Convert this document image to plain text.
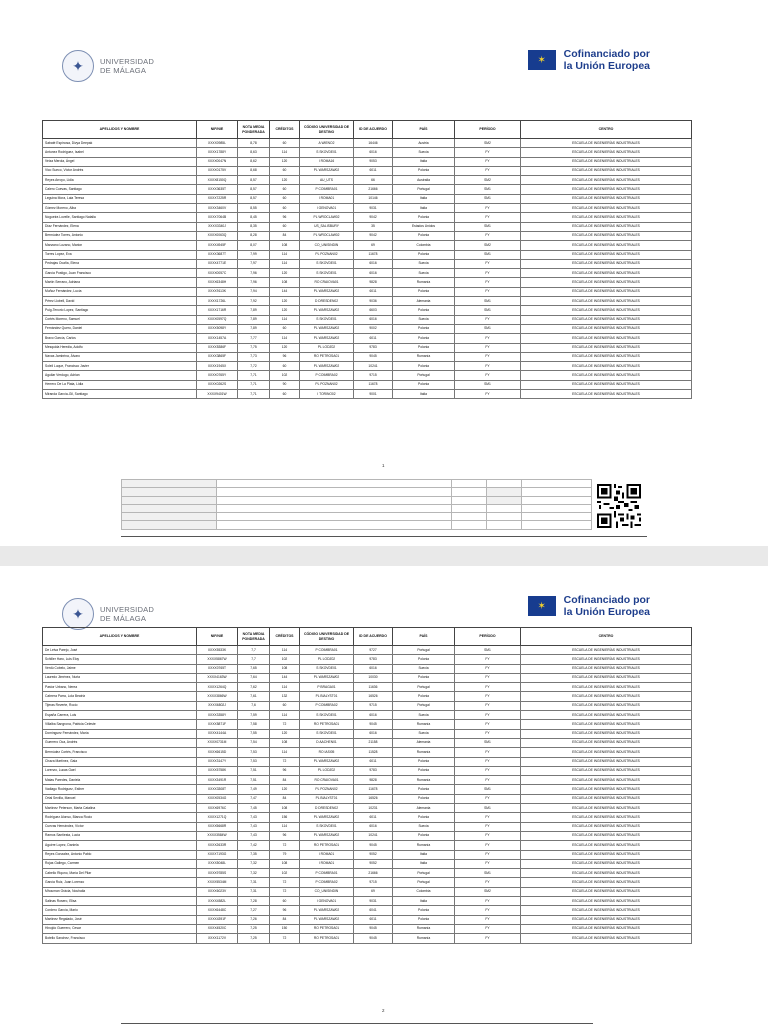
✦	UNIVERSIDAD
DE MÁLAGA
✶	Cofinanciado por
la Unión Europea
APELLIDOS Y NOMBRE	NIF/NIE	NOTA MEDIA PONDERADA	CRÉDITOS	CÓDIGO UNIVERSIDAD DE DESTINO	ID DE ACUERDO	PAÍS	PERÍODO	CENTRO
Sabaté Espinosa, Divya Deepak	XXXX0985L	8,78	60	A WIENO2	16446	Austria	SM2	ESCUELA DE INGENIERÍAS INDUSTRIALES
Antunez Rodriguez, Isabel	XXXX1788Y	8,63	114	S SKOVDE01	6016	Suecia	FY	ESCUELA DE INGENIERÍAS INDUSTRIALES
Veiza Merola, Ángel	XXXX0047N	8,62	120	I ROMA16	9053	Italia	FY	ESCUELA DE INGENIERÍAS INDUSTRIALES
Vico Sueco, Víctor Andrés	XXXX0175V	8,68	60	PL WARSZAW02	6011	Polonia	FY	ESCUELA DE INGENIERÍAS INDUSTRIALES
Reyes Arroyo, Lidia	XXXX8150Q	8,57	120	AU_UTS	66	Australia	SM2	ESCUELA DE INGENIERÍAS INDUSTRIALES
Calero Cuevas, Santiago	XXXX3635T	8,57	60	P COIMBRA01	21666	Portugal	SM1	ESCUELA DE INGENIERÍAS INDUSTRIALES
Leguina Mora, Laia Teresa	XXXX7225R	8,57	60	I ROMA01	10146	Italia	SM1	ESCUELA DE INGENIERÍAS INDUSTRIALES
Gómez Moreno, Alba	XXXX3460V	8,55	60	I GENOVA01	9031	Italia	FY	ESCUELA DE INGENIERÍAS INDUSTRIALES
Nogueira Lovelle, Santiago Natalia	XXXX7064B	8,45	96	PL WROCLAW02	9042	Polonia	FY	ESCUELA DE INGENIERÍAS INDUSTRIALES
Díaz Fernández, Elena	XXXX3340J	8,35	60	US_SALISBURY	35	Estados Unidos	SM1	ESCUELA DE INGENIERÍAS INDUSTRIALES
Bermúdez Torres, Antonio	XXXX0063Q	8,28	84	PL WROCLAW02	9042	Polonia	FY	ESCUELA DE INGENIERÍAS INDUSTRIALES
Manzano Lozano, Marion	XXXX4945F	8,07	108	CO_UNISINDIN	69	Colombia	SM2	ESCUELA DE INGENIERÍAS INDUSTRIALES
Torres Lopez, Eva	XXXX3687T	7,99	114	PL POZNAN02	11678	Polonia	SM1	ESCUELA DE INGENIERÍAS INDUSTRIALES
Pedrajas Ocaña, Elena	XXXX4771E	7,97	114	S SKOVDE01	6016	Suecia	FY	ESCUELA DE INGENIERÍAS INDUSTRIALES
García Postigo, Juan Francisco	XXXX0057C	7,96	120	S SKOVDE01	6016	Suecia	FY	ESCUELA DE INGENIERÍAS INDUSTRIALES
Martín Serrano, Adriana	XXXX6348H	7,96	108	RO CRAIOVA01	9828	Rumanía	FY	ESCUELA DE INGENIERÍAS INDUSTRIALES
Muñoz Fernández, Lucía	XXXX9113K	7,94	144	PL WARSZAW02	6011	Polonia	FY	ESCUELA DE INGENIERÍAS INDUSTRIALES
Pérez Llobell, David	XXXX1726L	7,92	120	D DRESDEN02	9036	Alemania	SM1	ESCUELA DE INGENIERÍAS INDUSTRIALES
Puig-Tenorio Lopez, Santiago	XXXX1716R	7,89	120	PL WARSZAW02	6603	Polonia	SM1	ESCUELA DE INGENIERÍAS INDUSTRIALES
Cortés Moreno, Samuel	XXXX0597Q	7,89	114	S SKOVDE01	6016	Suecia	FY	ESCUELA DE INGENIERÍAS INDUSTRIALES
Fernández Quero, Daniel	XXXX5098Y	7,89	60	PL WARSZAW02	9002	Polonia	SM1	ESCUELA DE INGENIERÍAS INDUSTRIALES
Bravo García, Carlos	XXXX1457A	7,77	114	PL WARSZAW02	6011	Polonia	FY	ESCUELA DE INGENIERÍAS INDUSTRIALES
Mesquida Heredia, Adolfo	XXXX5386F	7,75	120	PL LODZ02	9783	Polonia	FY	ESCUELA DE INGENIERÍAS INDUSTRIALES
Navas Jambrina, Álvaro	XXXX3865F	7,73	96	RO PETROSA01	9045	Rumanía	FY	ESCUELA DE INGENIERÍAS INDUSTRIALES
Soleil Luque, Francisco Javier	XXXX1945X	7,72	60	PL WARSZAW02	10241	Polonia	FY	ESCUELA DE INGENIERÍAS INDUSTRIALES
Aguilar Verdugo, Adrian	XXXX0765Y	7,71	102	P COIMBRA02	9715	Portugal	FY	ESCUELA DE INGENIERÍAS INDUSTRIALES
Herrero De La Plata, Lidia	XXXX0262S	7,71	90	PL POZNAN02	11678	Polonia	SM1	ESCUELA DE INGENIERÍAS INDUSTRIALES
Miranda García-Gil, Santiago	XXXX9401W	7,71	60	I TORINO02	9001	Italia	FY	ESCUELA DE INGENIERÍAS INDUSTRIALES
1

✦	UNIVERSIDAD
DE MÁLAGA
✶	Cofinanciado por
la Unión Europea
APELLIDOS Y NOMBRE	NIF/NIE	NOTA MEDIA PONDERADA	CRÉDITOS	CÓDIGO UNIVERSIDAD DE DESTINO	ID DE ACUERDO	PAÍS	PERÍODO	CENTRO
De Leiva Parejo, José	XXXX5533K	7,7	114	P COIMBRA01	9727	Portugal	SM1	ESCUELA DE INGENIERÍAS INDUSTRIALES
Schiller Haro, Luis Eloy	XXXX5867W	7,7	102	PL LODZ02	9783	Polonia	FY	ESCUELA DE INGENIERÍAS INDUSTRIALES
Verdú Cobelo, Jaime	XXXX0765T	7,65	108	S SKOVDE01	6016	Suecia	FY	ESCUELA DE INGENIERÍAS INDUSTRIALES
Lauredo Jiménez, Nuria	XXXX4163W	7,64	144	PL WARSZAW02	10030	Polonia	FY	ESCUELA DE INGENIERÍAS INDUSTRIALES
Pastor Urbano, Nerea	XXXX1264Q	7,62	114	P BRAGA01	11636	Portugal	FY	ESCUELA DE INGENIERÍAS INDUSTRIALES
Cabrera Parra, Lola Beatriz	XXXX3866W	7,61	132	PL BIALYST01	16526	Polonia	FY	ESCUELA DE INGENIERÍAS INDUSTRIALES
Tijeras Reverte, Rocio	XXXX6802J	7,6	60	P COIMBRA02	9715	Portugal	FY	ESCUELA DE INGENIERÍAS INDUSTRIALES
España Carrera, Luis	XXXX3358Y	7,59	114	S SKOVDE01	6016	Suecia	FY	ESCUELA DE INGENIERÍAS INDUSTRIALES
Villalba Sangrona, Patricia Celeste	XXXX5871F	7,58	72	RO PETROSA01	9045	Rumanía	FY	ESCUELA DE INGENIERÍAS INDUSTRIALES
Dominguez Fernández, María	XXXX4144A	7,55	120	S SKOVDE01	6016	Suecia	FY	ESCUELA DE INGENIERÍAS INDUSTRIALES
Guerrero Oca, Andrés	XXXX0731M	7,54	108	D AACHEN01	21158	Alemania	SM1	ESCUELA DE INGENIERÍAS INDUSTRIALES
Bermúdez Cortés, Francisco	XXXX6615D	7,53	114	RO IASI05	11528	Rumanía	FY	ESCUELA DE INGENIERÍAS INDUSTRIALES
Chaza Martínez, Gaia	XXXX3147Y	7,53	72	PL WARSZAW02	6011	Polonia	FY	ESCUELA DE INGENIERÍAS INDUSTRIALES
Lorenzo, Lucas Gael	XXXX5758K	7,51	96	PL LODZ02	9783	Polonia	FY	ESCUELA DE INGENIERÍAS INDUSTRIALES
Matas Paredes, Daniela	XXXX3491R	7,51	84	RO CRAIOVA01	9828	Rumanía	FY	ESCUELA DE INGENIERÍAS INDUSTRIALES
Vadiago Rodriguez, Esther	XXXX3308T	7,49	120	PL POZNAN02	11678	Polonia	SM1	ESCUELA DE INGENIERÍAS INDUSTRIALES
Ortal Sevilla, Manuel	XXXX0534G	7,47	84	PL BIALYST01	16526	Polonia	FY	ESCUELA DE INGENIERÍAS INDUSTRIALES
Martínez Peterson, Marta Catalina	XXXX6976C	7,45	108	D DRESDEN02	10231	Alemania	SM1	ESCUELA DE INGENIERÍAS INDUSTRIALES
Rodriguez Alonso, Blanca Rocio	XXXX1271Q	7,43	156	PL WARSZAW02	6011	Polonia	FY	ESCUELA DE INGENIERÍAS INDUSTRIALES
Cuevas Hernández, Víctor	XXXX5668R	7,43	114	S SKOVDE01	6016	Suecia	FY	ESCUELA DE INGENIERÍAS INDUSTRIALES
Ramos Santiesta, Lucía	XXXX3584W	7,43	96	PL WARSZAW02	10241	Polonia	FY	ESCUELA DE INGENIERÍAS INDUSTRIALES
Aguirre Lopez, Daniela	XXXX2633R	7,42	72	RO PETROSA01	9045	Rumanía	FY	ESCUELA DE INGENIERÍAS INDUSTRIALES
Reyes Gonzalez, Antonio Pablo	XXXX7193G	7,35	79	I ROMA01	9052	Italia	FY	ESCUELA DE INGENIERÍAS INDUSTRIALES
Rojas Gallego, Carmen	XXXX5048L	7,32	108	I ROMA01	9052	Italia	FY	ESCUELA DE INGENIERÍAS INDUSTRIALES
Cabello Riquno, María Del Pilar	XXXX9785S	7,32	102	P COIMBRA01	21666	Portugal	SM1	ESCUELA DE INGENIERÍAS INDUSTRIALES
García Ruiz, Juan Lorenzo	XXXX5534M	7,31	72	P COIMBRA02	9715	Portugal	FY	ESCUELA DE INGENIERÍAS INDUSTRIALES
Mhouman Gràcia, Nouhaila	XXXX6023V	7,31	72	CO_UNISINDIN	69	Colombia	SM2	ESCUELA DE INGENIERÍAS INDUSTRIALES
Salinas Rosero, Elisa	XXXX4582L	7,28	60	I GENOVA01	9031	Italia	FY	ESCUELA DE INGENIERÍAS INDUSTRIALES
Cordero García, Mario	XXXX6448C	7,27	96	PL WARSZAW02	6041	Polonia	FY	ESCUELA DE INGENIERÍAS INDUSTRIALES
Martínez Regalado, José	XXXX4391F	7,26	84	PL WARSZAW02	6011	Polonia	FY	ESCUELA DE INGENIERÍAS INDUSTRIALES
Hinojdo Guerrero, Cesar	XXXX4520C	7,25	150	RO PETROSA01	9045	Rumanía	FY	ESCUELA DE INGENIERÍAS INDUSTRIALES
Botello Sanchez, Francisco	XXXX1172V	7,25	72	RO PETROSA01	9045	Rumanía	FY	ESCUELA DE INGENIERÍAS INDUSTRIALES
2
